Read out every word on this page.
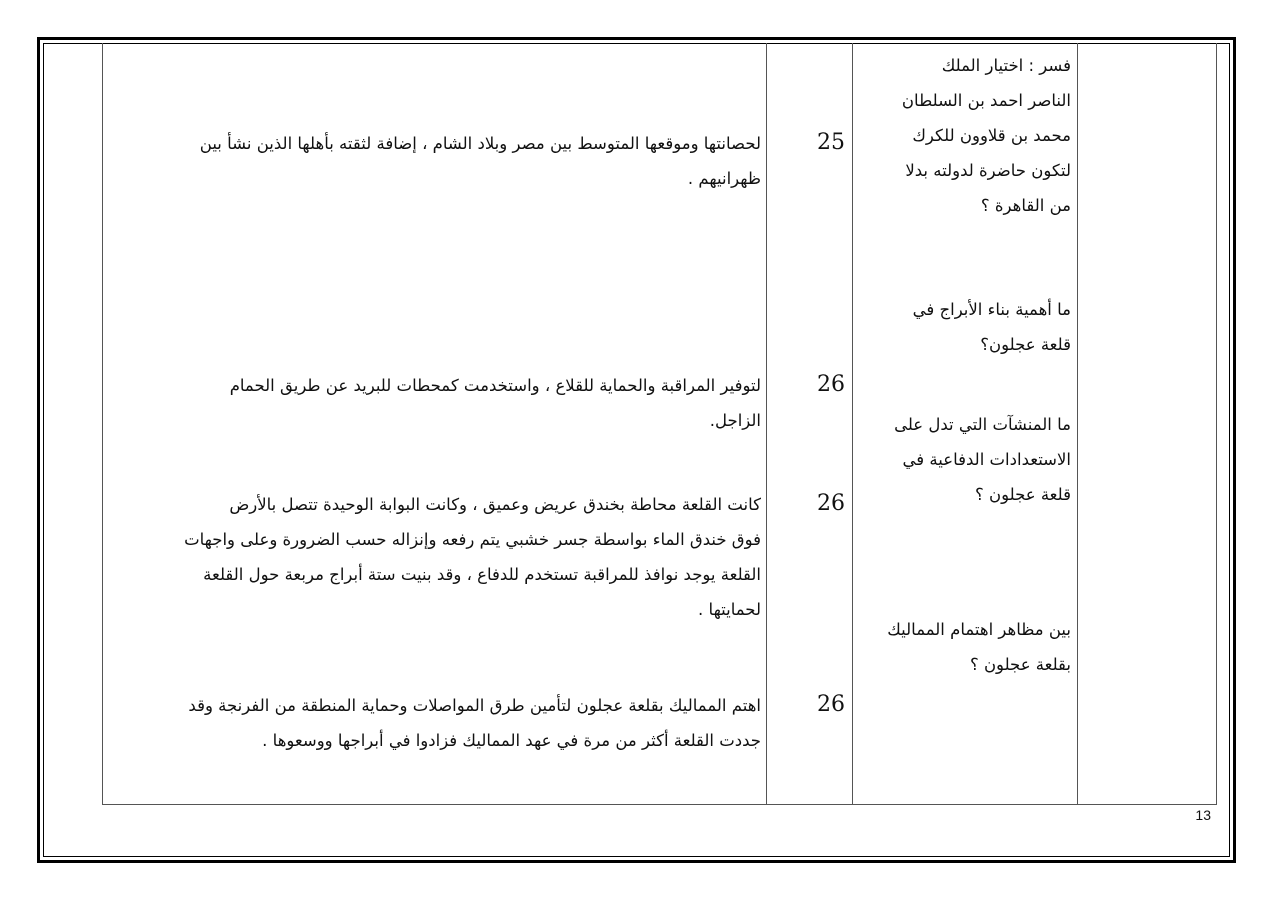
فسر : اختيار الملك
الناصر احمد بن السلطان
محمد بن قلاوون للكرك
لتكون حاضرة لدولته بدلا
من القاهرة ؟
ما أهمية بناء الأبراج في
قلعة عجلون؟
ما المنشآت التي تدل على
الاستعدادات الدفاعية في
قلعة عجلون ؟
بين مظاهر اهتمام المماليك
بقلعة عجلون ؟
25
26
26
26
لحصانتها وموقعها المتوسط بين مصر وبلاد الشام ، إضافة لثقته بأهلها الذين نشأ بين
ظهرانيهم .
لتوفير المراقبة والحماية للقلاع ، واستخدمت كمحطات للبريد عن طريق الحمام
الزاجل.
كانت القلعة محاطة بخندق عريض وعميق ، وكانت البوابة الوحيدة تتصل بالأرض
فوق خندق الماء بواسطة جسر خشبي يتم رفعه وإنزاله حسب الضرورة وعلى واجهات
القلعة يوجد نوافذ للمراقبة تستخدم للدفاع ، وقد بنيت ستة أبراج مربعة حول القلعة
لحمايتها .
اهتم المماليك بقلعة عجلون لتأمين طرق المواصلات وحماية المنطقة من الفرنجة وقد
جددت القلعة أكثر من مرة في عهد المماليك فزادوا في أبراجها ووسعوها .
13
